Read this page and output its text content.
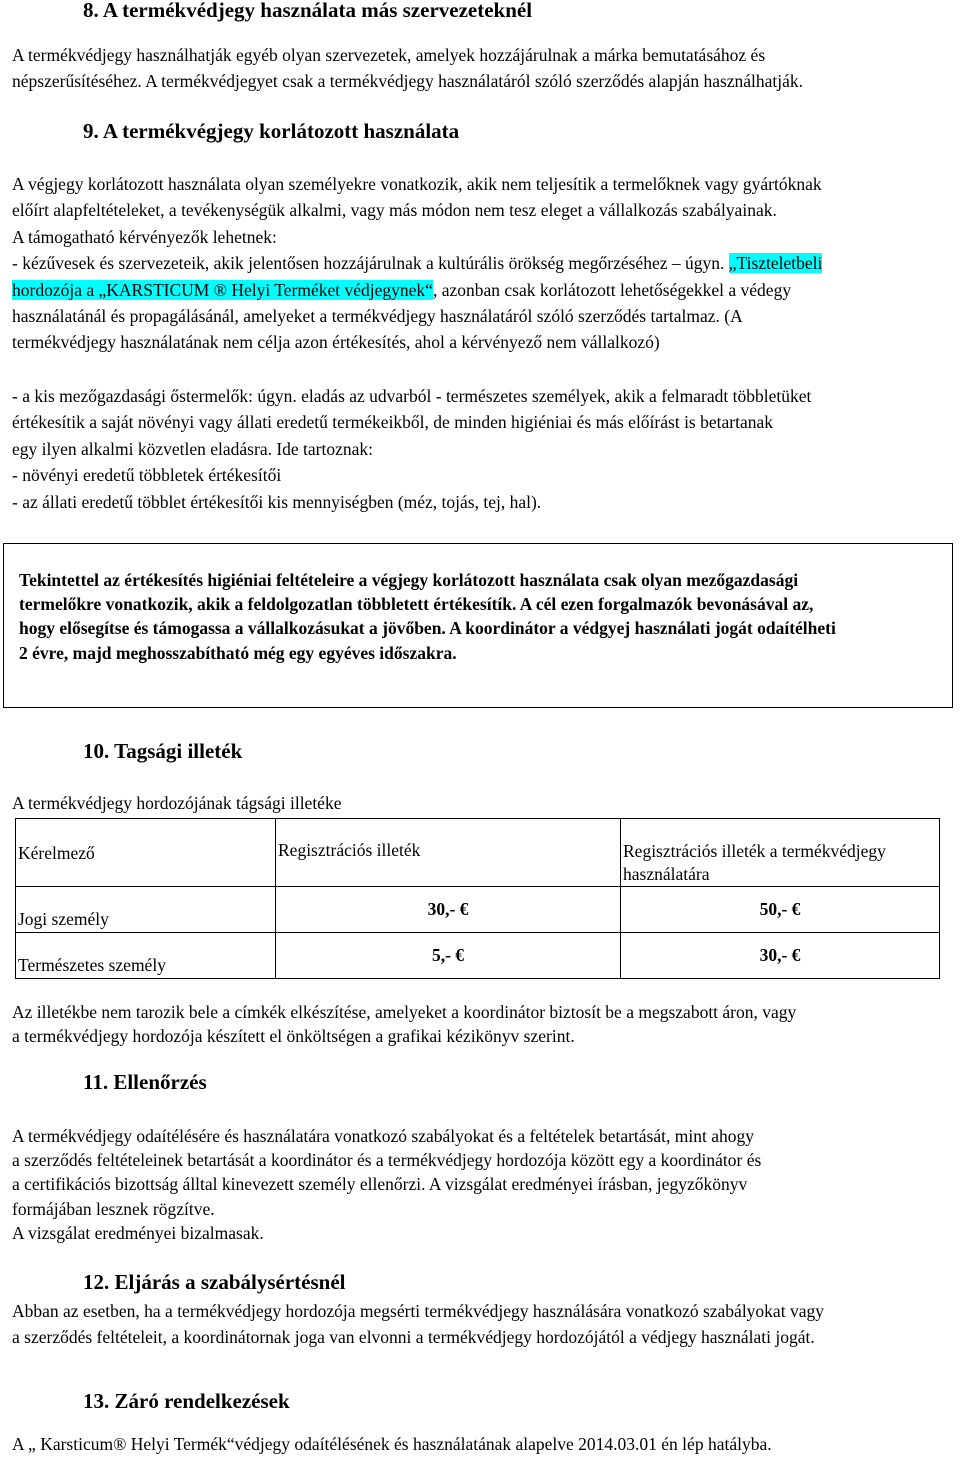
8. A termékvédjegy használata más szervezeteknél

A termékvédjegy használhatják egyéb olyan szervezetek, amelyek hozzájárulnak a márka bemutatásához és
népszerűsítéséhez. A termékvédjegyet csak a termékvédjegy használatáról szóló szerződés alapján használhatják.

9. A termékvégjegy korlátozott használata

A végjegy korlátozott használata olyan személyekre vonatkozik, akik nem teljesítik a termelőknek vagy gyártóknak
előírt alapfeltételeket, a tevékenységük alkalmi, vagy más módon nem tesz eleget a vállalkozás szabályainak.
A támogatható kérvényezők lehetnek:
- kézűvesek és szervezeteik, akik jelentősen hozzájárulnak a kultúrális örökség megőrzéséhez – úgyn. „Tiszteletbeli
hordozója a „KARSTICUM ® Helyi Terméket védjegynek“, azonban csak korlátozott lehetőségekkel a védegy
használatánál és propagálásánál, amelyeket a termékvédjegy használatáról szóló szerződés tartalmaz. (A
termékvédjegy használatának nem célja azon értékesítés, ahol a kérvényező nem vállalkozó)

- a kis mezőgazdasági őstermelők: úgyn. eladás az udvarból - természetes személyek, akik a felmaradt többletüket
értékesítik a saját növényi vagy állati eredetű termékeikből, de minden higiéniai és más előírást is betartanak
egy ilyen alkalmi közvetlen eladásra. Ide tartoznak:
- növényi eredetű többletek értékesítői
- az állati eredetű többlet értékesítői kis mennyiségben (méz, tojás, tej, hal).

Tekintettel az értékesítés higiéniai feltételeire a végjegy korlátozott használata csak olyan mezőgazdasági
termelőkre vonatkozik, akik a feldolgozatlan többletett értékesítík. A cél ezen forgalmazók bevonásával az,
hogy elősegítse és támogassa a vállalkozásukat a jövőben. A koordinátor a védgyej használati jogát odaítélheti
2 évre, majd meghosszabítható még egy egyéves időszakra.

10. Tagsági illeték

A termékvédjegy hordozójának tágsági illetéke

Kérelmező	Regisztrációs illeték	Regisztrációs illeték a termékvédjegy használatára
Jogi személy	30,- €	50,- €
Természetes személy	5,- €	30,- €

Az illetékbe nem tarozik bele a címkék elkészítése, amelyeket a koordinátor biztosít be a megszabott áron, vagy
a termékvédjegy hordozója készített el önköltségen a grafikai kézikönyv szerint.

11. Ellenőrzés

A termékvédjegy odaítélésére és használatára vonatkozó szabályokat és a feltételek betartását, mint ahogy
a szerződés feltételeinek betartását a koordinátor és a termékvédjegy hordozója között egy a koordinátor és
a certifikációs bizottság álltal kinevezett személy ellenőrzi. A vizsgálat eredményei írásban, jegyzőkönyv
formájában lesznek rögzítve.
A vizsgálat eredményei bizalmasak.

12. Eljárás a szabálysértésnél

Abban az esetben, ha a termékvédjegy hordozója megsérti termékvédjegy használására vonatkozó szabályokat vagy
a szerződés feltételeit, a koordinátornak joga van elvonni a termékvédjegy hordozójától a védjegy használati jogát.

13. Záró rendelkezések

A „ Karsticum® Helyi Termék“védjegy odaítélésének és használatának alapelve 2014.03.01 én lép hatályba.
